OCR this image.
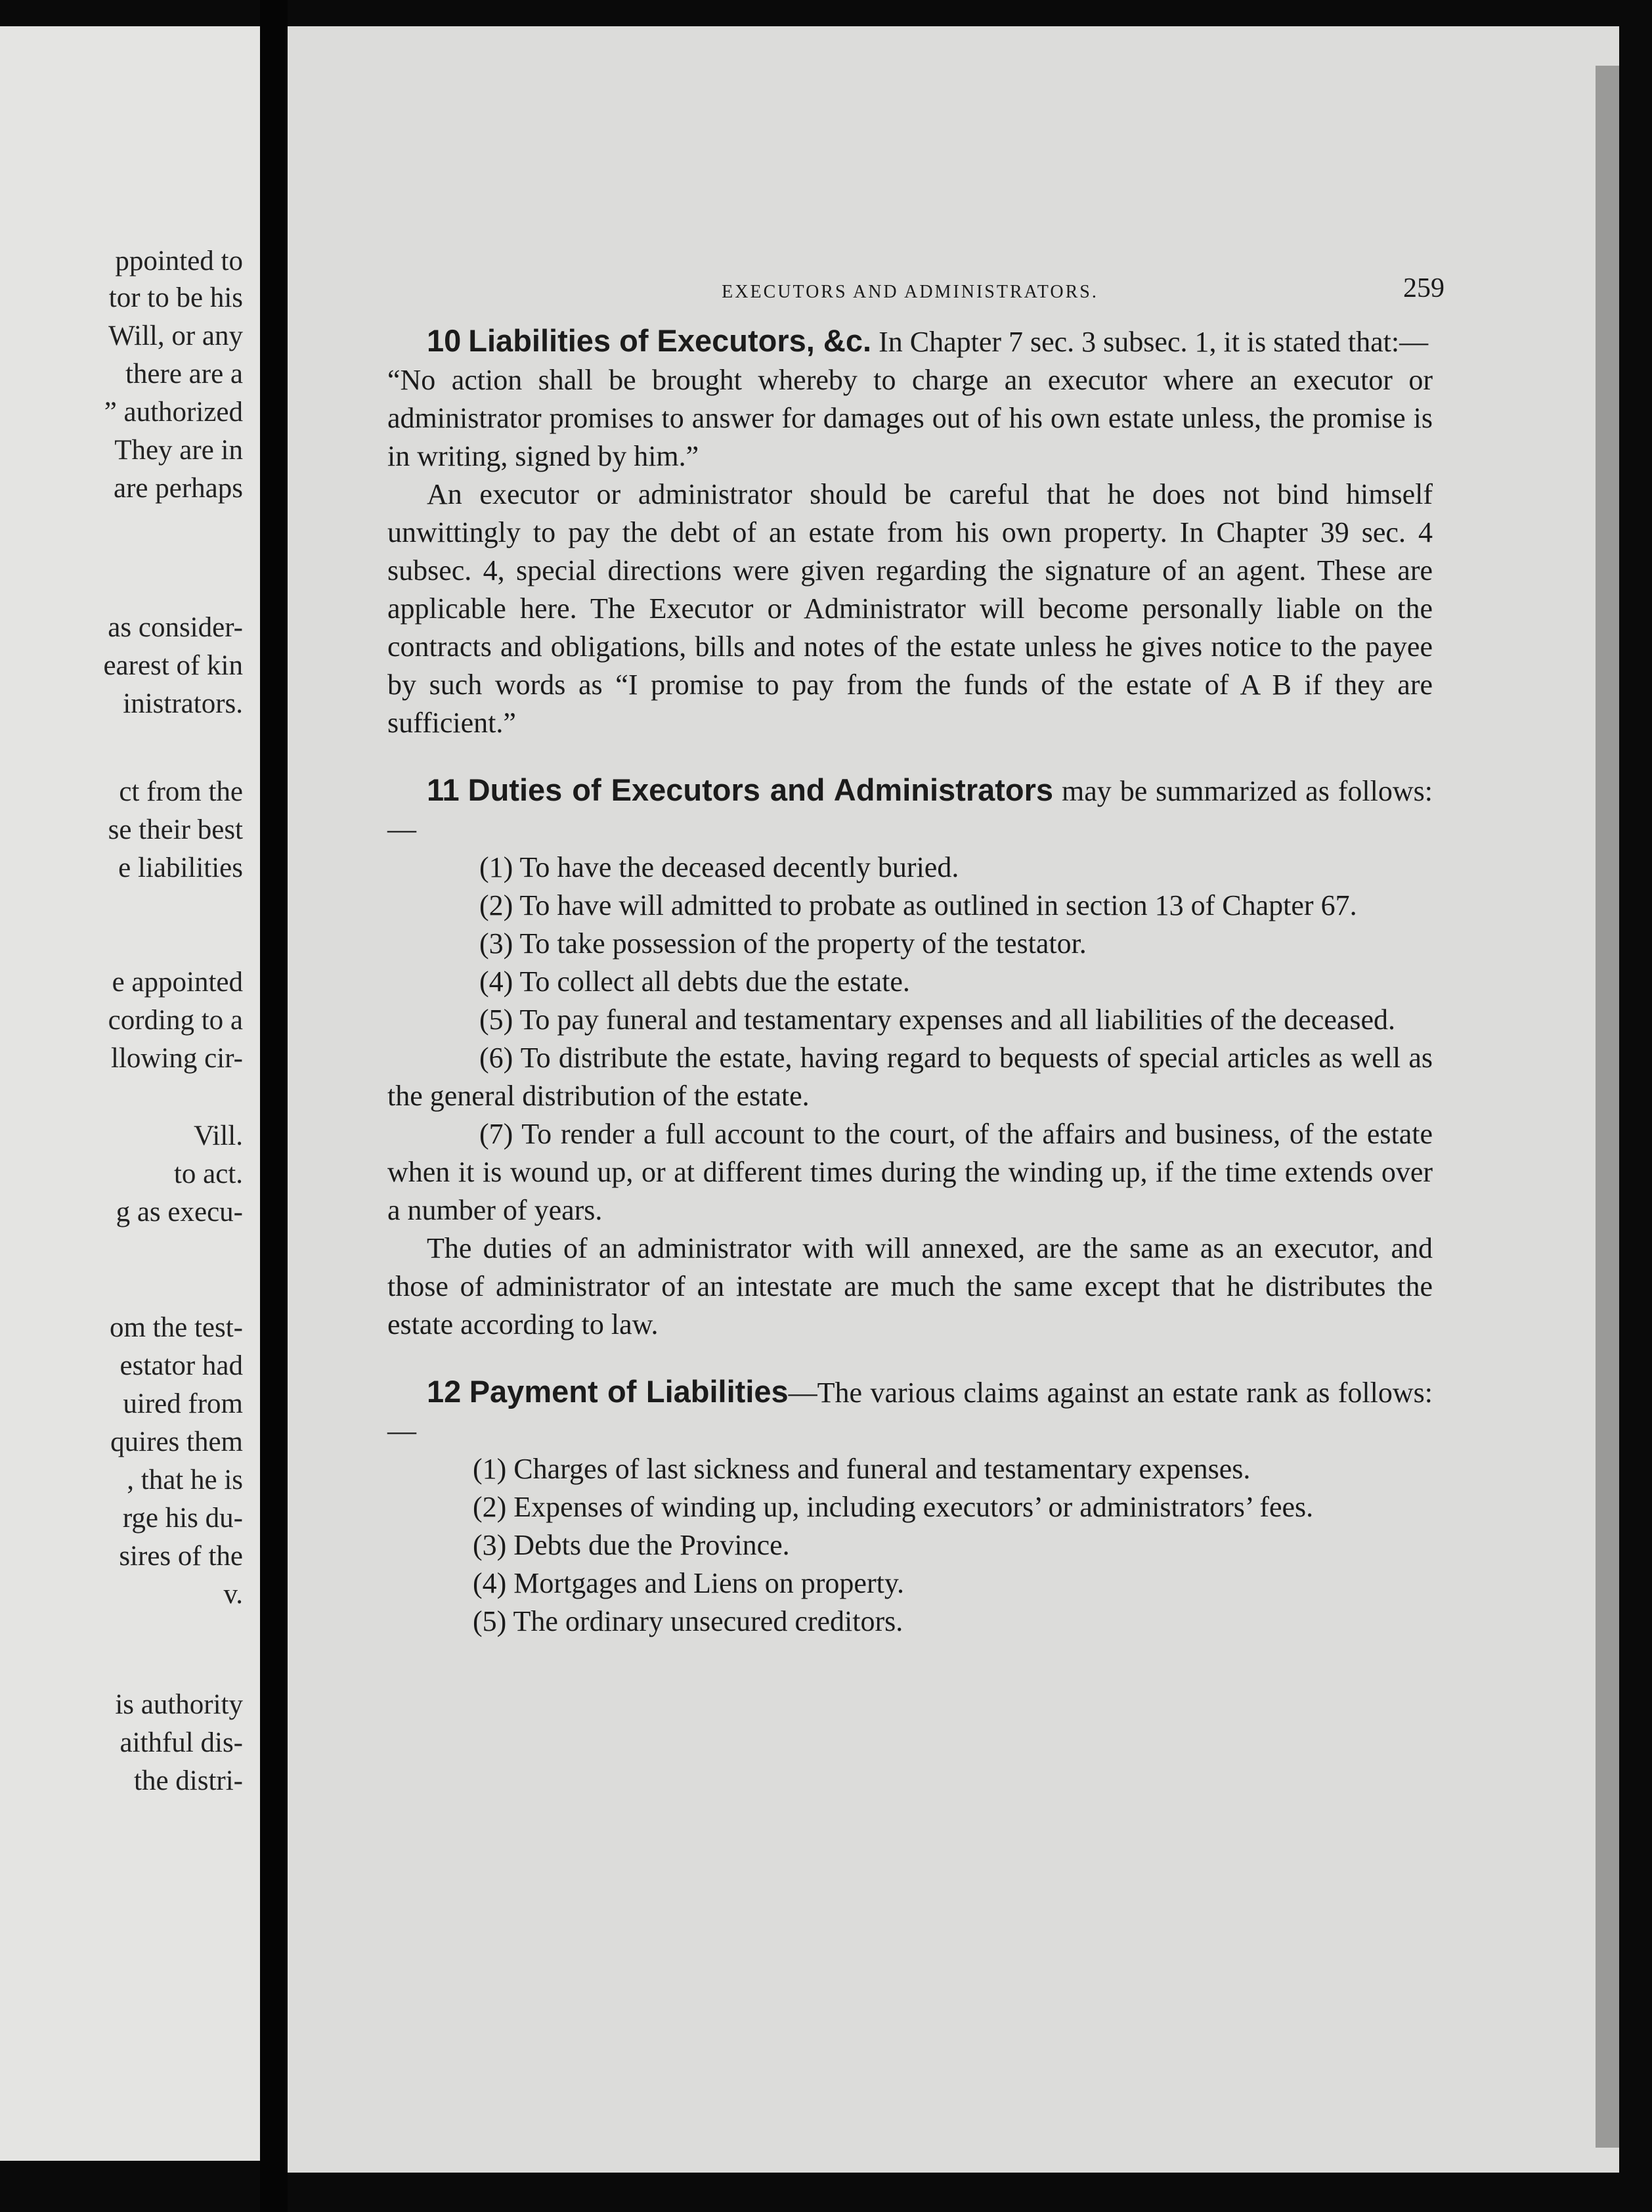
ppointed to
tor to be his
Will, or any
there are a
” authorized
They are in
are perhaps
as consider-
earest of kin
inistrators.
ct from the
se their best
e liabilities
e appointed
cording to a
llowing cir-
Vill.
to act.
g as execu-
om the test-
estator had
uired from
quires them
, that he is
rge his du-
sires of the
v.
is authority
aithful dis-
the distri-
EXECUTORS AND ADMINISTRATORS.	259

10 Liabilities of Executors, &c. In Chapter 7 sec. 3 subsec. 1, it is stated that:—

“No action shall be brought whereby to charge an executor where an executor or administrator promises to answer for damages out of his own estate unless, the promise is in writing, signed by him.”

An executor or administrator should be careful that he does not bind himself unwittingly to pay the debt of an estate from his own property. In Chapter 39 sec. 4 subsec. 4, special directions were given regarding the signature of an agent. These are applicable here. The Executor or Administrator will become personally liable on the contracts and obligations, bills and notes of the estate unless he gives notice to the payee by such words as “I promise to pay from the funds of the estate of A B if they are sufficient.”

11 Duties of Executors and Administrators may be summarized as follows:—

(1) To have the deceased decently buried.

(2) To have will admitted to probate as outlined in section 13 of Chapter 67.

(3) To take possession of the property of the testator.

(4) To collect all debts due the estate.

(5) To pay funeral and testamentary expenses and all liabilities of the deceased.

(6) To distribute the estate, having regard to bequests of special articles as well as the general distribution of the estate.

(7) To render a full account to the court, of the affairs and business, of the estate when it is wound up, or at different times during the winding up, if the time extends over a number of years.

The duties of an administrator with will annexed, are the same as an executor, and those of administrator of an intestate are much the same except that he distributes the estate according to law.

12 Payment of Liabilities—The various claims against an estate rank as follows:—

(1) Charges of last sickness and funeral and testamentary expenses.

(2) Expenses of winding up, including executors’ or administrators’ fees.

(3) Debts due the Province.

(4) Mortgages and Liens on property.

(5) The ordinary unsecured creditors.
